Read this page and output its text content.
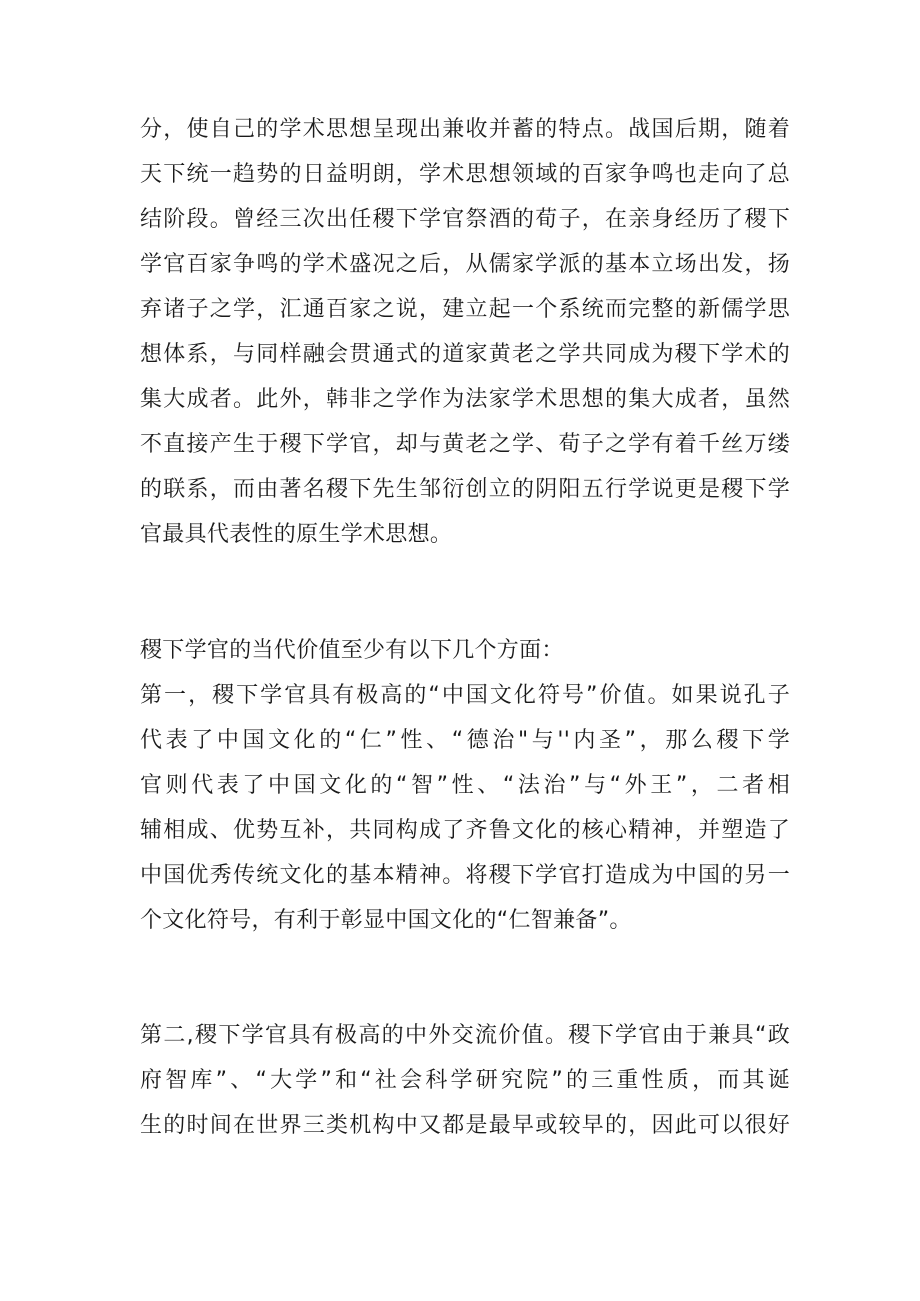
分，使自己的学术思想呈现出兼收并蓄的特点。战国后期，随着
天下统一趋势的日益明朗，学术思想领域的百家争鸣也走向了总
结阶段。曾经三次出任稷下学官祭酒的荀子，在亲身经历了稷下
学官百家争鸣的学术盛况之后，从儒家学派的基本立场出发，扬
弃诸子之学，汇通百家之说，建立起一个系统而完整的新儒学思
想体系，与同样融会贯通式的道家黄老之学共同成为稷下学术的
集大成者。此外，韩非之学作为法家学术思想的集大成者，虽然
不直接产生于稷下学官，却与黄老之学、荀子之学有着千丝万缕
的联系，而由著名稷下先生邹衍创立的阴阳五行学说更是稷下学
官最具代表性的原生学术思想。
稷下学官的当代价值至少有以下几个方面：
第一，稷下学官具有极高的“中国文化符号”价值。如果说孔子
代表了中国文化的“仁”性、“德治"与''内圣”，那么稷下学
官则代表了中国文化的“智”性、“法治”与“外王”，二者相
辅相成、优势互补，共同构成了齐鲁文化的核心精神，并塑造了
中国优秀传统文化的基本精神。将稷下学官打造成为中国的另一
个文化符号，有利于彰显中国文化的“仁智兼备”。
第二,稷下学官具有极高的中外交流价值。稷下学官由于兼具“政
府智库”、“大学”和“社会科学研究院”的三重性质，而其诞
生的时间在世界三类机构中又都是最早或较早的，因此可以很好
